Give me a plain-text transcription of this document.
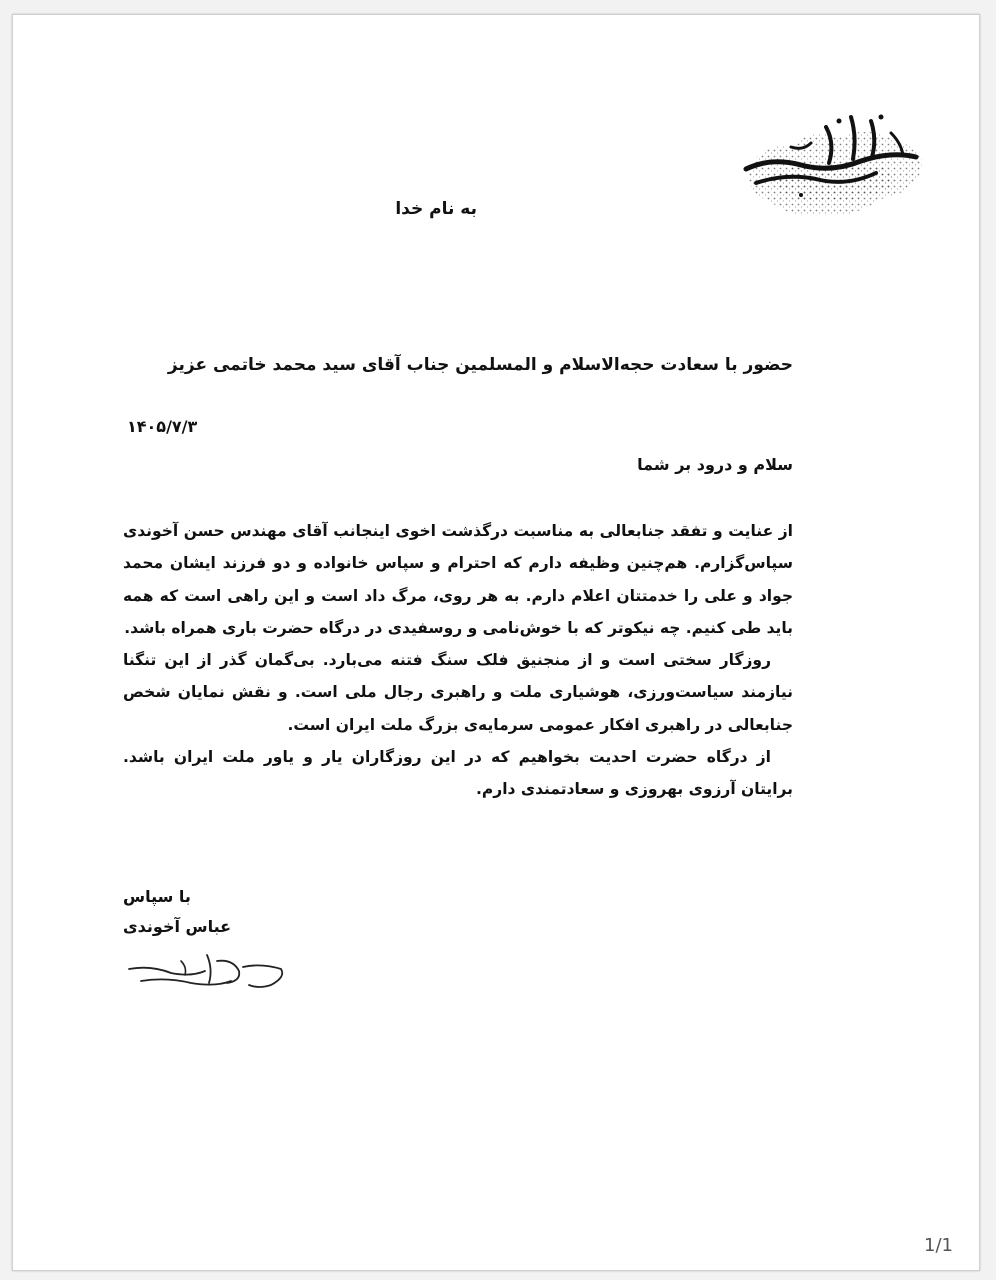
به نام خدا
حضور با سعادت حجه‌الاسلام و المسلمین جناب آقای سید محمد خاتمی عزیز
۱۴۰۵/۷/۳
سلام و درود بر شما

از عنایت و تفقد جنابعالی به مناسبت درگذشت اخوی اینجانب آقای مهندس حسن آخوندی سپاس‌گزارم. هم‌چنین وظیفه دارم که احترام و سپاس خانواده و دو فرزند ایشان محمد جواد و علی را خدمتتان اعلام دارم. به هر روی، مرگ داد است و این راهی است که همه باید طی کنیم. چه نیکوتر که با خوش‌نامی و روسفیدی در درگاه حضرت باری همراه باشد.

روزگار سختی است و از منجنیق فلک سنگ فتنه می‌بارد. بی‌گمان گذر از این تنگنا نیازمند سیاست‌ورزی، هوشیاری ملت و راهبری رجال ملی است. و نقش نمایان شخص جنابعالی در راهبری افکار عمومی سرمایه‌ی بزرگ ملت ایران است.

از درگاه حضرت احدیت بخواهیم که در این روزگاران یار و یاور ملت ایران باشد. برایتان آرزوی بهروزی و سعادتمندی دارم.

با سپاس
عباس آخوندی
1/1
